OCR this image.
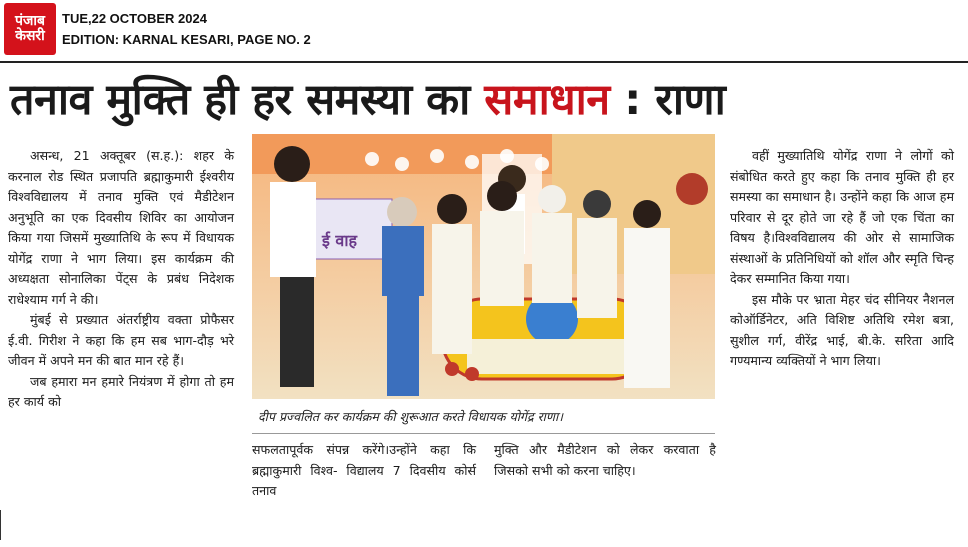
पंजाब
केसरी
TUE,22 OCTOBER 2024
EDITION: KARNAL KESARI, PAGE NO. 2
तनाव मुक्ति ही हर समस्या का समाधान : राणा

असन्ध, 21 अक्तूबर (स.ह.): शहर के करनाल रोड स्थित प्रजापति ब्रह्माकुमारी ईश्वरीय विश्वविद्यालय में तनाव मुक्ति एवं मैडीटेशन अनुभूति का एक दिवसीय शिविर का आयोजन किया गया जिसमें मुख्यातिथि के रूप में विधायक योगेंद्र राणा ने भाग लिया। इस कार्यक्रम की अध्यक्षता सोनालिका पेंट्स के प्रबंध निदेशक राधेश्याम गर्ग ने की।

मुंबई से प्रख्यात अंतर्राष्ट्रीय वक्ता प्रोफैसर ई.वी. गिरीश ने कहा कि हम सब भाग-दौड़ भरे जीवन में अपने मन की बात मान रहे हैं।

जब हमारा मन हमारे नियंत्रण में होगा तो हम हर कार्य को

ई वाह
दीप प्रज्वलित कर कार्यक्रम की शुरूआत करते विधायक योगेंद्र राणा।

सफलतापूर्वक संपन्न करेंगे।उन्होंने कहा कि ब्रह्माकुमारी विश्व- विद्यालय 7 दिवसीय कोर्स तनाव

मुक्ति और मैडीटेशन को लेकर करवाता है जिसको सभी को करना चाहिए।

वहीं मुख्यातिथि योगेंद्र राणा ने लोगों को संबोधित करते हुए कहा कि तनाव मुक्ति ही हर समस्या का समाधान है। उन्होंने कहा कि आज हम परिवार से दूर होते जा रहे हैं जो एक चिंता का विषय है।विश्वविद्यालय की ओर से सामाजिक संस्थाओं के प्रतिनिधियों को शॉल और स्मृति चिन्ह देकर सम्मानित किया गया।

इस मौके पर भ्राता मेहर चंद सीनियर नैशनल कोऑर्डिनेटर, अति विशिष्ट अतिथि रमेश बत्रा, सुशील गर्ग, वीरेंद्र भाई, बी.के. सरिता आदि गण्यमान्य व्यक्तियों ने भाग लिया।
